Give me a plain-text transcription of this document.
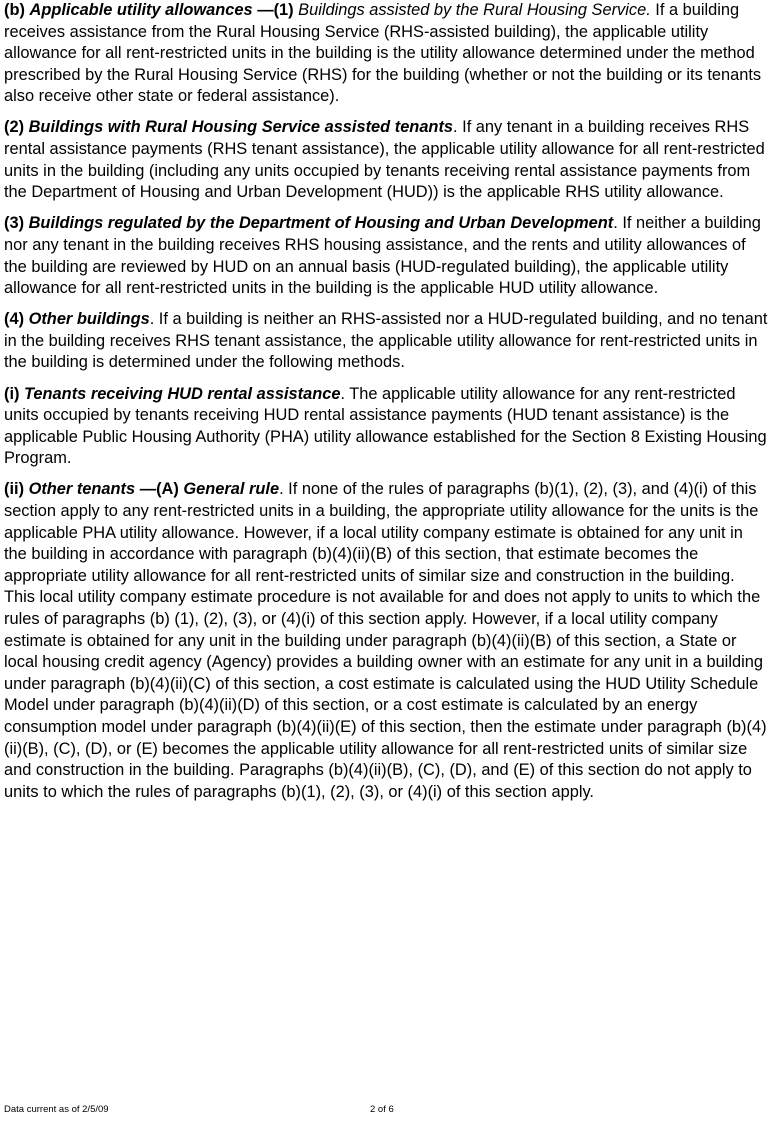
(b) Applicable utility allowances —(1) Buildings assisted by the Rural Housing Service. If a building receives assistance from the Rural Housing Service (RHS-assisted building), the applicable utility allowance for all rent-restricted units in the building is the utility allowance determined under the method prescribed by the Rural Housing Service (RHS) for the building (whether or not the building or its tenants also receive other state or federal assistance).

(2) Buildings with Rural Housing Service assisted tenants. If any tenant in a building receives RHS rental assistance payments (RHS tenant assistance), the applicable utility allowance for all rent-restricted units in the building (including any units occupied by tenants receiving rental assistance payments from the Department of Housing and Urban Development (HUD)) is the applicable RHS utility allowance.

(3) Buildings regulated by the Department of Housing and Urban Development. If neither a building nor any tenant in the building receives RHS housing assistance, and the rents and utility allowances of the building are reviewed by HUD on an annual basis (HUD-regulated building), the applicable utility allowance for all rent-restricted units in the building is the applicable HUD utility allowance.

(4) Other buildings. If a building is neither an RHS-assisted nor a HUD-regulated building, and no tenant in the building receives RHS tenant assistance, the applicable utility allowance for rent-restricted units in the building is determined under the following methods.

(i) Tenants receiving HUD rental assistance. The applicable utility allowance for any rent-restricted units occupied by tenants receiving HUD rental assistance payments (HUD tenant assistance) is the applicable Public Housing Authority (PHA) utility allowance established for the Section 8 Existing Housing Program.

(ii) Other tenants —(A) General rule. If none of the rules of paragraphs (b)(1), (2), (3), and (4)(i) of this section apply to any rent-restricted units in a building, the appropriate utility allowance for the units is the applicable PHA utility allowance. However, if a local utility company estimate is obtained for any unit in the building in accordance with paragraph (b)(4)(ii)(B) of this section, that estimate becomes the appropriate utility allowance for all rent-restricted units of similar size and construction in the building. This local utility company estimate procedure is not available for and does not apply to units to which the rules of paragraphs (b) (1), (2), (3), or (4)(i) of this section apply. However, if a local utility company estimate is obtained for any unit in the building under paragraph (b)(4)(ii)(B) of this section, a State or local housing credit agency (Agency) provides a building owner with an estimate for any unit in a building under paragraph (b)(4)(ii)(C) of this section, a cost estimate is calculated using the HUD Utility Schedule Model under paragraph (b)(4)(ii)(D) of this section, or a cost estimate is calculated by an energy consumption model under paragraph (b)(4)(ii)(E) of this section, then the estimate under paragraph (b)(4)(ii)(B), (C), (D), or (E) becomes the applicable utility allowance for all rent-restricted units of similar size and construction in the building. Paragraphs (b)(4)(ii)(B), (C), (D), and (E) of this section do not apply to units to which the rules of paragraphs (b)(1), (2), (3), or (4)(i) of this section apply.

Data current as of 2/5/09	2 of 6
